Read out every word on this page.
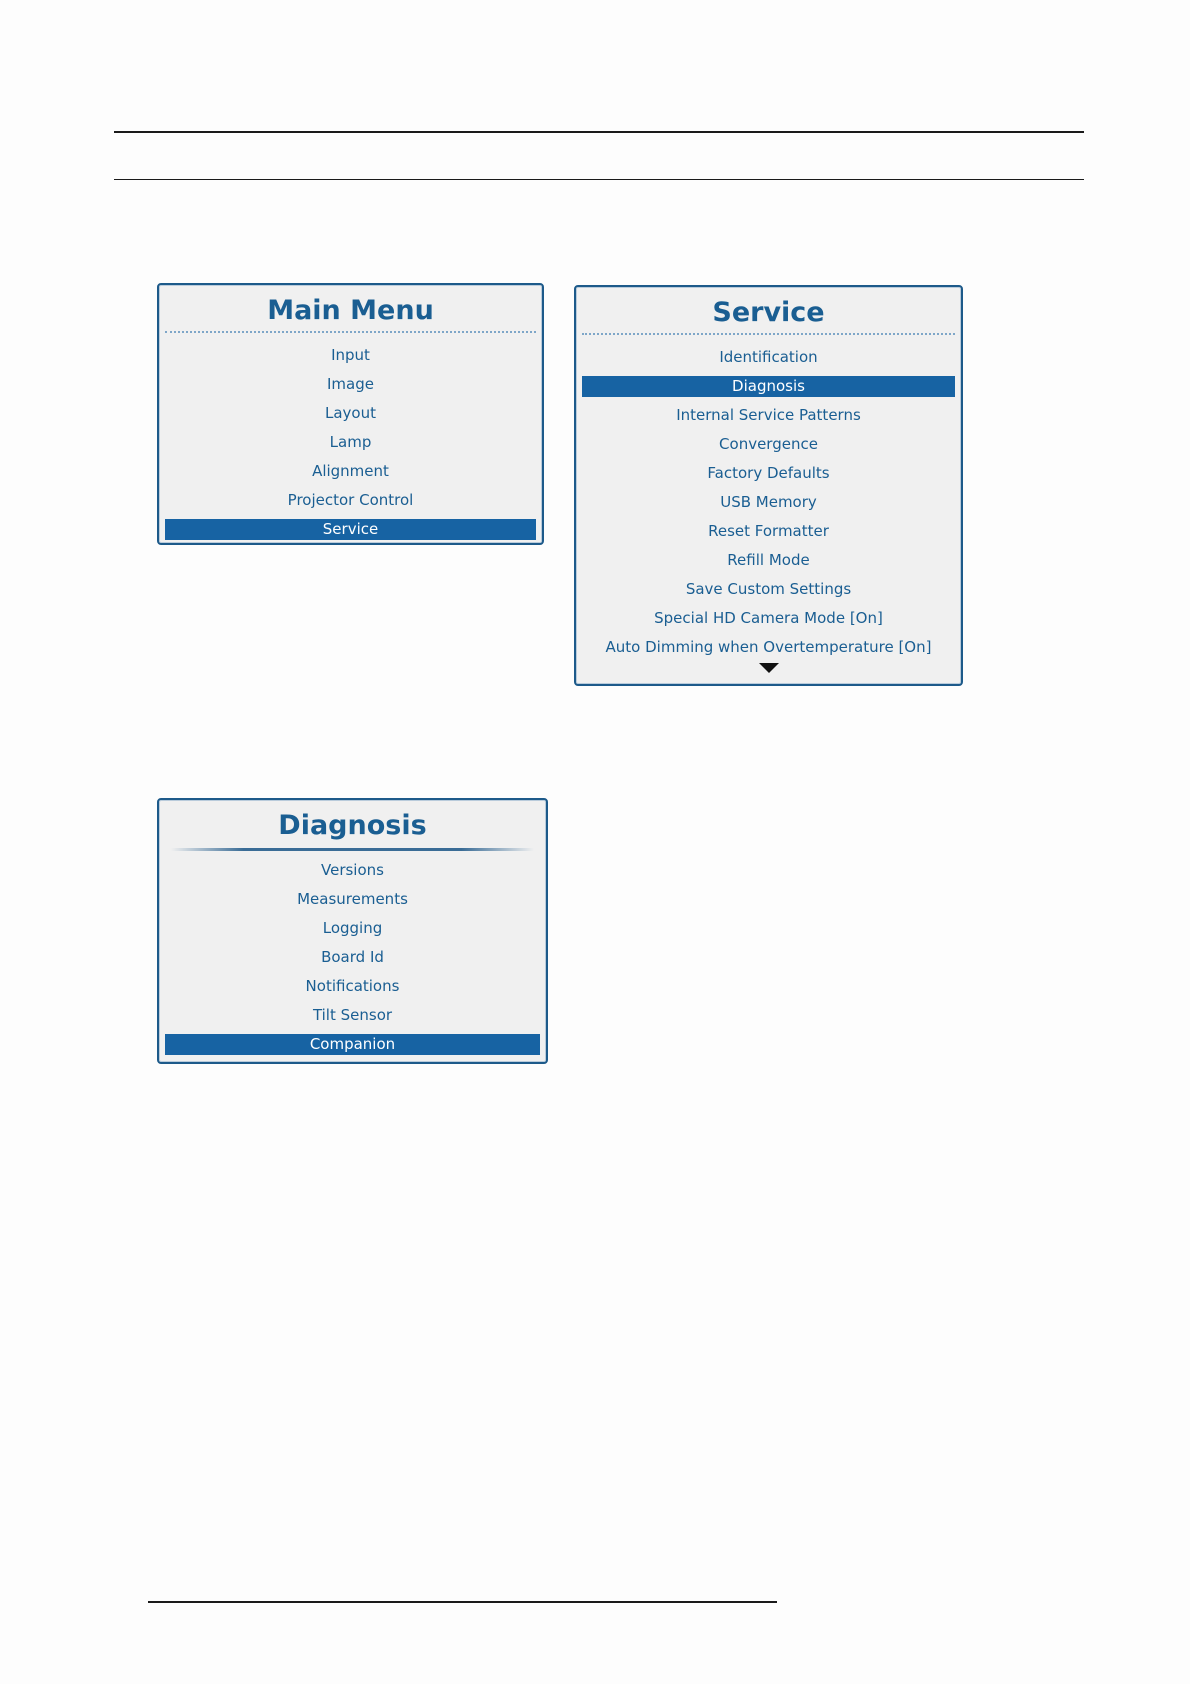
Main Menu
Input
Image
Layout
Lamp
Alignment
Projector Control
Service
Service
Identification
Diagnosis
Internal Service Patterns
Convergence
Factory Defaults
USB Memory
Reset Formatter
Refill Mode
Save Custom Settings
Special HD Camera Mode [On]
Auto Dimming when Overtemperature [On]
Diagnosis
Versions
Measurements
Logging
Board Id
Notifications
Tilt Sensor
Companion
